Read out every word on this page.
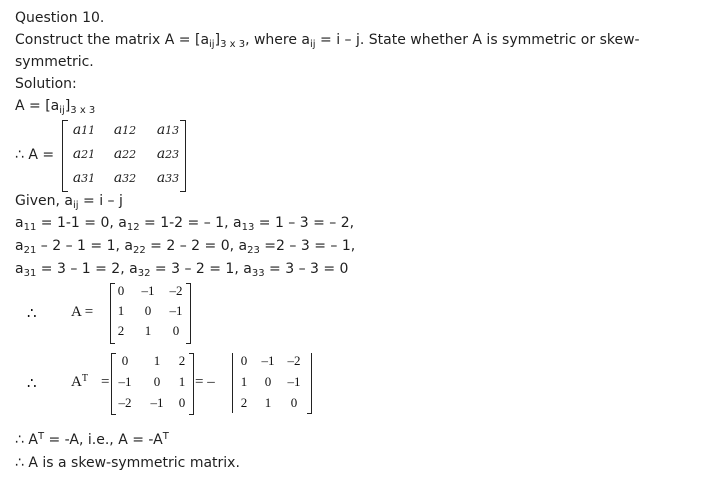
Question 10.
Construct the matrix $A = [a_{ij}]_{3 x 3}$, where $a_{ij} = i - j$. State whether A is symmetric or skew-
symmetric.
Solution:
$A = [a_{ij}]_{3 x 3}$
∴ A =
a11 a12 a13
a21 a22 a23
a31 a32 a33
Given, $a_{ij} = i - j$
$a_{11} = 1-1 = 0$, $a_{12} = 1-2$ = – 1, $a_{13} = 1 - 3$ = – 2,
$a_{21} - 2 - 1 = 1$, $a_{22} = 2 - 2 = 0$, $a_{23} =2 - 3$ = – 1,
$a_{31} = 3 - 1 = 2$, $a_{32} = 3 - 2 = 1$, $a_{33} = 3 - 3 = 0$
∴ A =
0	–1	–2
1	0	–1
2	1	0
∴ $A^T$ =
0	1	2
–1	0	1
–2	–1	0
= –
0	–1	–2
1	0	–1
2	1	0
∴ $A^T = -A$, i.e., $A = -A^T$
∴ A is a skew-symmetric matrix.
